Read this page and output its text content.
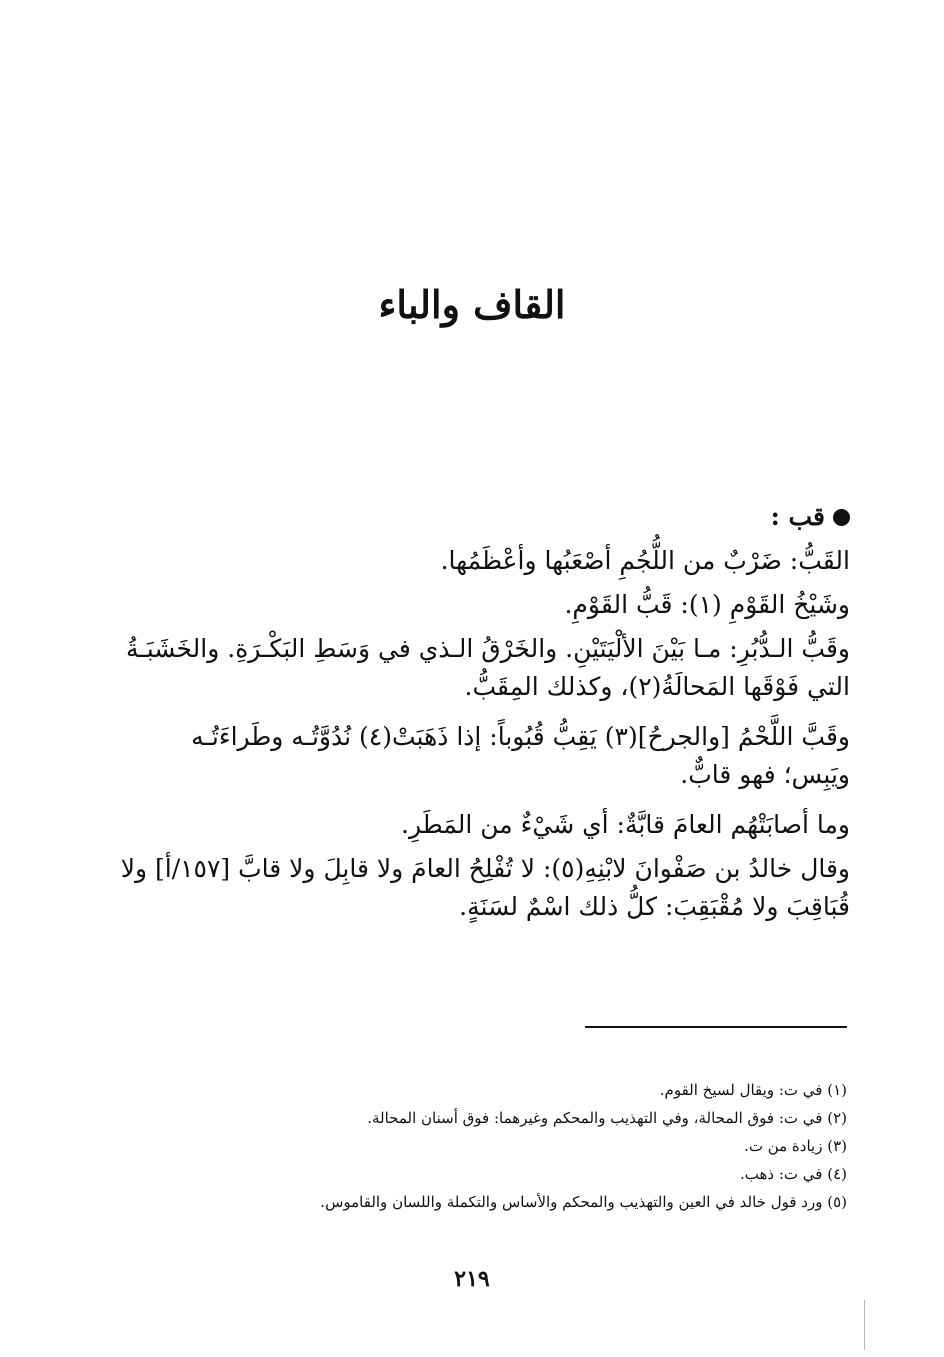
القاف والباء

قب :

القَبُّ: ضَرْبٌ من اللُّجُمِ أصْعَبُها وأعْظَمُها.

وشَيْخُ القَوْمِ (١): قَبُّ القَوْمِ.

وقَبُّ الـدُّبُرِ: مـا بَيْنَ الألْيَتَيْنِ. والخَرْقُ الـذي في وَسَطِ البَكْـرَةِ. والخَشَبَـةُ التي فَوْقَها المَحالَةُ(٢)، وكذلك المِقَبُّ.

وقَبَّ اللَّحْمُ [والجرحُ](٣) يَقِبُّ قُبُوباً: إذا ذَهَبَتْ(٤) نُدُوَّتُـه وطَراءَتُـه ويَبِس؛ فهو قابٌّ.

وما أصابَتْهُم العامَ قابَّةٌ: أي شَيْءٌ من المَطَرِ.

وقال خالدُ بن صَفْوانَ لابْنِهِ(٥): لا تُفْلِحُ العامَ ولا قابِلَ ولا قابَّ [١٥٧/أ] ولا قُبَاقِبَ ولا مُقْبَقِبَ: كلُّ ذلك اسْمٌ لسَنَةٍ.

(١) في ت: ويقال لسيخ القوم.
(٢) في ت: فوق المحالة، وفي التهذيب والمحكم وغيرهما: فوق أسنان المحالة.
(٣) زيادة من ت.
(٤) في ت: ذهب.
(٥) ورد قول خالد في العين والتهذيب والمحكم والأساس والتكملة واللسان والقاموس.
٢١٩
